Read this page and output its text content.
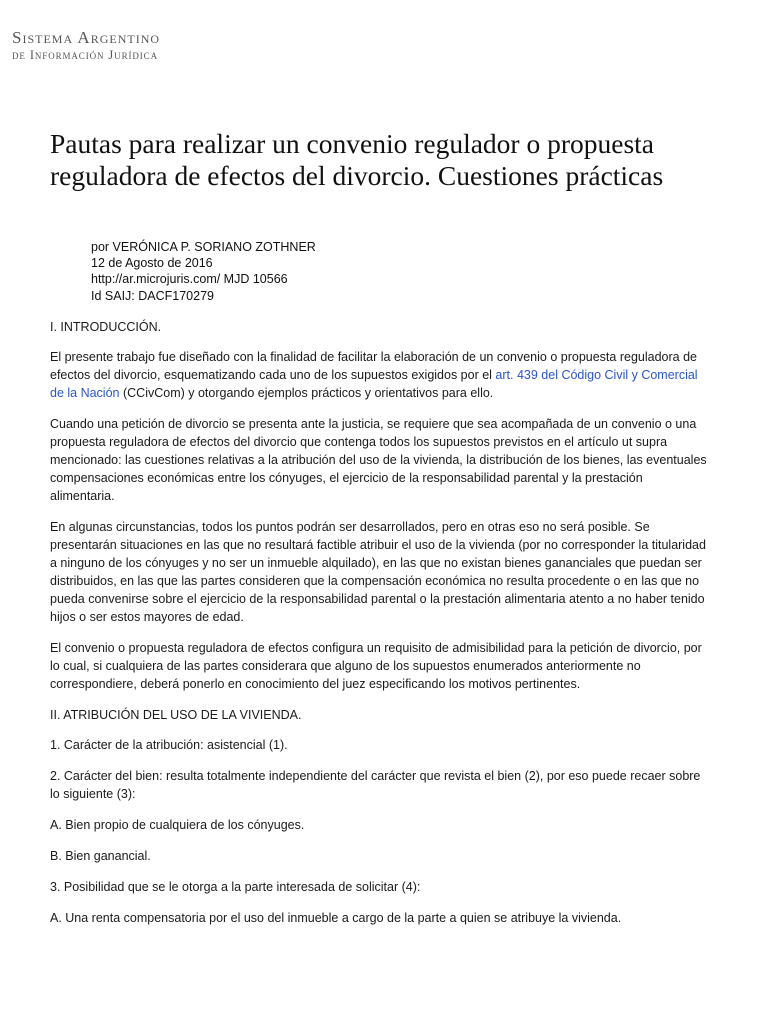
Sistema Argentino
de Información Jurídica
Pautas para realizar un convenio regulador o propuesta reguladora de efectos del divorcio. Cuestiones prácticas
por VERÓNICA P. SORIANO ZOTHNER
12 de Agosto de 2016
http://ar.microjuris.com/ MJD 10566
Id SAIJ: DACF170279

I. INTRODUCCIÓN.

El presente trabajo fue diseñado con la finalidad de facilitar la elaboración de un convenio o propuesta reguladora de efectos del divorcio, esquematizando cada uno de los supuestos exigidos por el art. 439 del Código Civil y Comercial de la Nación (CCivCom) y otorgando ejemplos prácticos y orientativos para ello.

Cuando una petición de divorcio se presenta ante la justicia, se requiere que sea acompañada de un convenio o una propuesta reguladora de efectos del divorcio que contenga todos los supuestos previstos en el artículo ut supra mencionado: las cuestiones relativas a la atribución del uso de la vivienda, la distribución de los bienes, las eventuales compensaciones económicas entre los cónyuges, el ejercicio de la responsabilidad parental y la prestación alimentaria.

En algunas circunstancias, todos los puntos podrán ser desarrollados, pero en otras eso no será posible. Se presentarán situaciones en las que no resultará factible atribuir el uso de la vivienda (por no corresponder la titularidad a ninguno de los cónyuges y no ser un inmueble alquilado), en las que no existan bienes gananciales que puedan ser distribuidos, en las que las partes consideren que la compensación económica no resulta procedente o en las que no pueda convenirse sobre el ejercicio de la responsabilidad parental o la prestación alimentaria atento a no haber tenido hijos o ser estos mayores de edad.

El convenio o propuesta reguladora de efectos configura un requisito de admisibilidad para la petición de divorcio, por lo cual, si cualquiera de las partes considerara que alguno de los supuestos enumerados anteriormente no correspondiere, deberá ponerlo en conocimiento del juez especificando los motivos pertinentes.

II. ATRIBUCIÓN DEL USO DE LA VIVIENDA.

1. Carácter de la atribución: asistencial (1).

2. Carácter del bien: resulta totalmente independiente del carácter que revista el bien (2), por eso puede recaer sobre lo siguiente (3):

A. Bien propio de cualquiera de los cónyuges.

B. Bien ganancial.

3. Posibilidad que se le otorga a la parte interesada de solicitar (4):

A. Una renta compensatoria por el uso del inmueble a cargo de la parte a quien se atribuye la vivienda.
